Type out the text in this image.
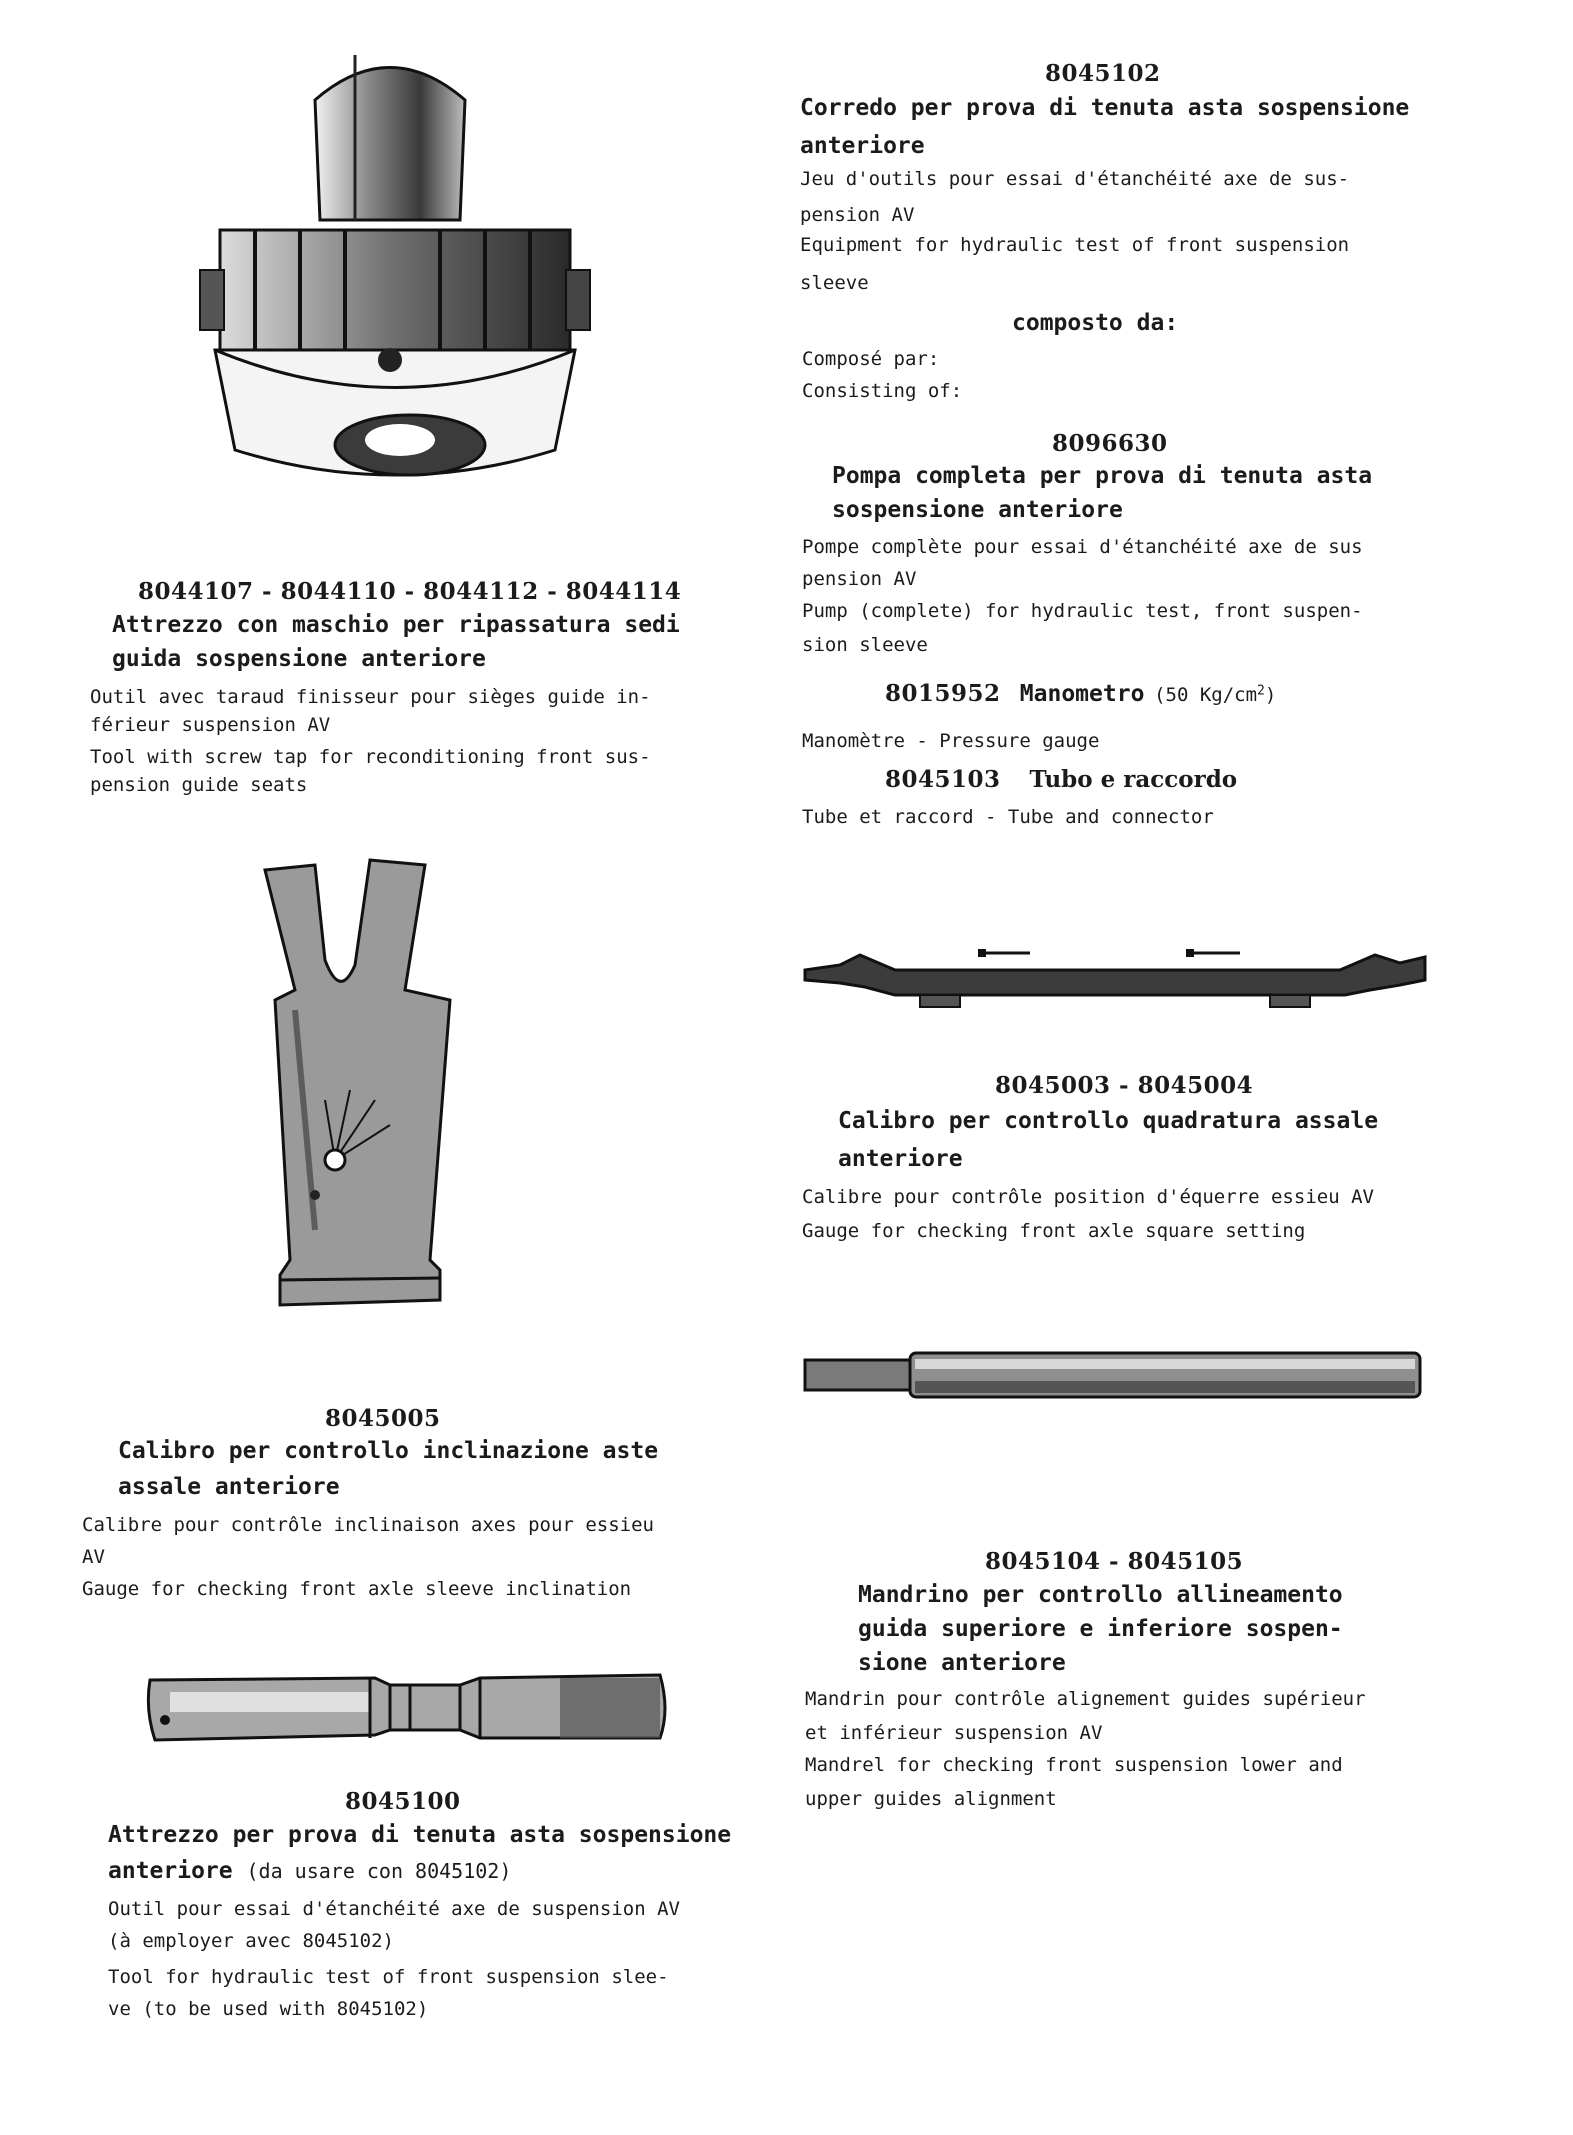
8044107 - 8044110 - 8044112 - 8044114
Attrezzo con maschio per ripassatura sedi
guida sospensione anteriore
Outil avec taraud finisseur pour sièges guide in-
férieur suspension AV
Tool with screw tap for reconditioning front sus-
pension guide seats
8045005
Calibro per controllo inclinazione aste
assale anteriore
Calibre pour contrôle inclinaison axes pour essieu
AV
Gauge for checking front axle sleeve inclination
8045100
Attrezzo per prova di tenuta asta sospensione
anteriore (da usare con 8045102)
Outil pour essai d'étanchéité axe de suspension AV
(à employer avec 8045102)
Tool for hydraulic test of front suspension slee-
ve (to be used with 8045102)
8045102
Corredo per prova di tenuta asta sospensione
anteriore
Jeu d'outils pour essai d'étanchéité axe de sus-
pension AV
Equipment for hydraulic test of front suspension
sleeve
composto da:
Composé par:
Consisting of:
8096630
Pompa completa per prova di tenuta asta
sospensione anteriore
Pompe complète pour essai d'étanchéité axe de sus
pension AV
Pump (complete) for hydraulic test, front suspen-
sion sleeve
8015952 Manometro (50 $Kg/cm^2$)
Manomètre - Pressure gauge
8045103 Tubo e raccordo
Tube et raccord - Tube and connector
8045003 - 8045004
Calibro per controllo quadratura assale
anteriore
Calibre pour contrôle position d'équerre essieu AV
Gauge for checking front axle square setting
8045104 - 8045105
Mandrino per controllo allineamento
guida superiore e inferiore sospen-
sione anteriore
Mandrin pour contrôle alignement guides supérieur
et inférieur suspension AV
Mandrel for checking front suspension lower and
upper guides alignment
